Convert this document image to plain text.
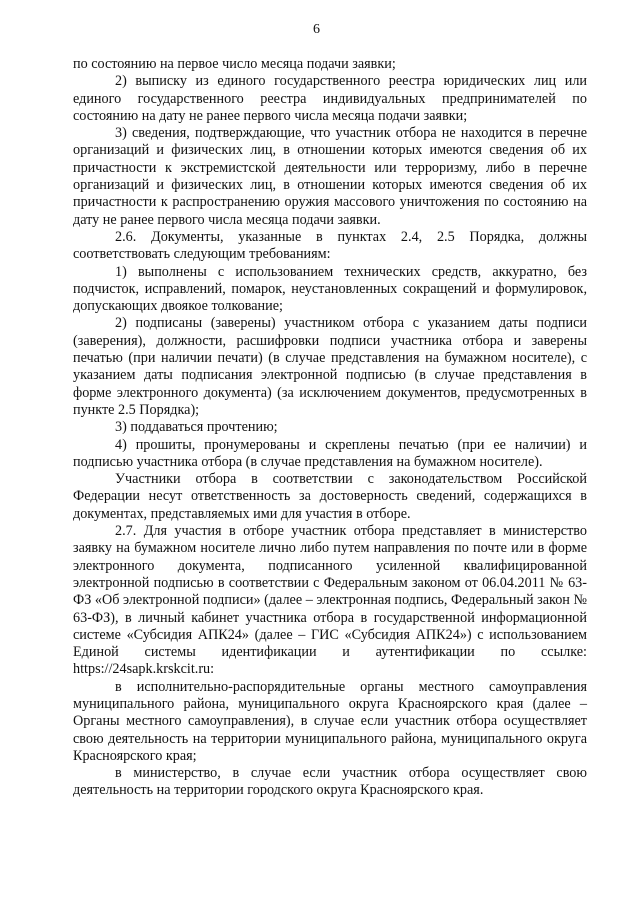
6

по состоянию на первое число месяца подачи заявки;

2) выписку из единого государственного реестра юридических лиц или единого государственного реестра индивидуальных предпринимателей по состоянию на дату не ранее первого числа месяца подачи заявки;

3) сведения, подтверждающие, что участник отбора не находится в перечне организаций и физических лиц, в отношении которых имеются сведения об их причастности к экстремистской деятельности или терроризму, либо в перечне организаций и физических лиц, в отношении которых имеются сведения об их причастности к распространению оружия массового уничтожения по состоянию на дату не ранее первого числа месяца подачи заявки.

2.6. Документы, указанные в пунктах 2.4, 2.5 Порядка, должны соответствовать следующим требованиям:

1) выполнены с использованием технических средств, аккуратно, без подчисток, исправлений, помарок, неустановленных сокращений и формулировок, допускающих двоякое толкование;

2) подписаны (заверены) участником отбора с указанием даты подписи (заверения), должности, расшифровки подписи участника отбора и заверены печатью (при наличии печати) (в случае представления на бумажном носителе), с указанием даты подписания электронной подписью (в случае представления в форме электронного документа) (за исключением документов, предусмотренных в пункте 2.5 Порядка);

3) поддаваться прочтению;

4) прошиты, пронумерованы и скреплены печатью (при ее наличии) и подписью участника отбора (в случае представления на бумажном носителе).

Участники отбора в соответствии с законодательством Российской Федерации несут ответственность за достоверность сведений, содержащихся в документах, представляемых ими для участия в отборе.

2.7. Для участия в отборе участник отбора представляет в министерство заявку на бумажном носителе лично либо путем направления по почте или в форме электронного документа, подписанного усиленной квалифицированной электронной подписью в соответствии с Федеральным законом от 06.04.2011 № 63-ФЗ «Об электронной подписи» (далее – электронная подпись, Федеральный закон № 63-ФЗ), в личный кабинет участника отбора в государственной информационной системе «Субсидия АПК24» (далее – ГИС «Субсидия АПК24») с использованием Единой системы идентификации и аутентификации по ссылке: https://24sapk.krskcit.ru:

в исполнительно-распорядительные органы местного самоуправления муниципального района, муниципального округа Красноярского края (далее – Органы местного самоуправления), в случае если участник отбора осуществляет свою деятельность на территории муниципального района, муниципального округа Красноярского края;

в министерство, в случае если участник отбора осуществляет свою деятельность на территории городского округа Красноярского края.
